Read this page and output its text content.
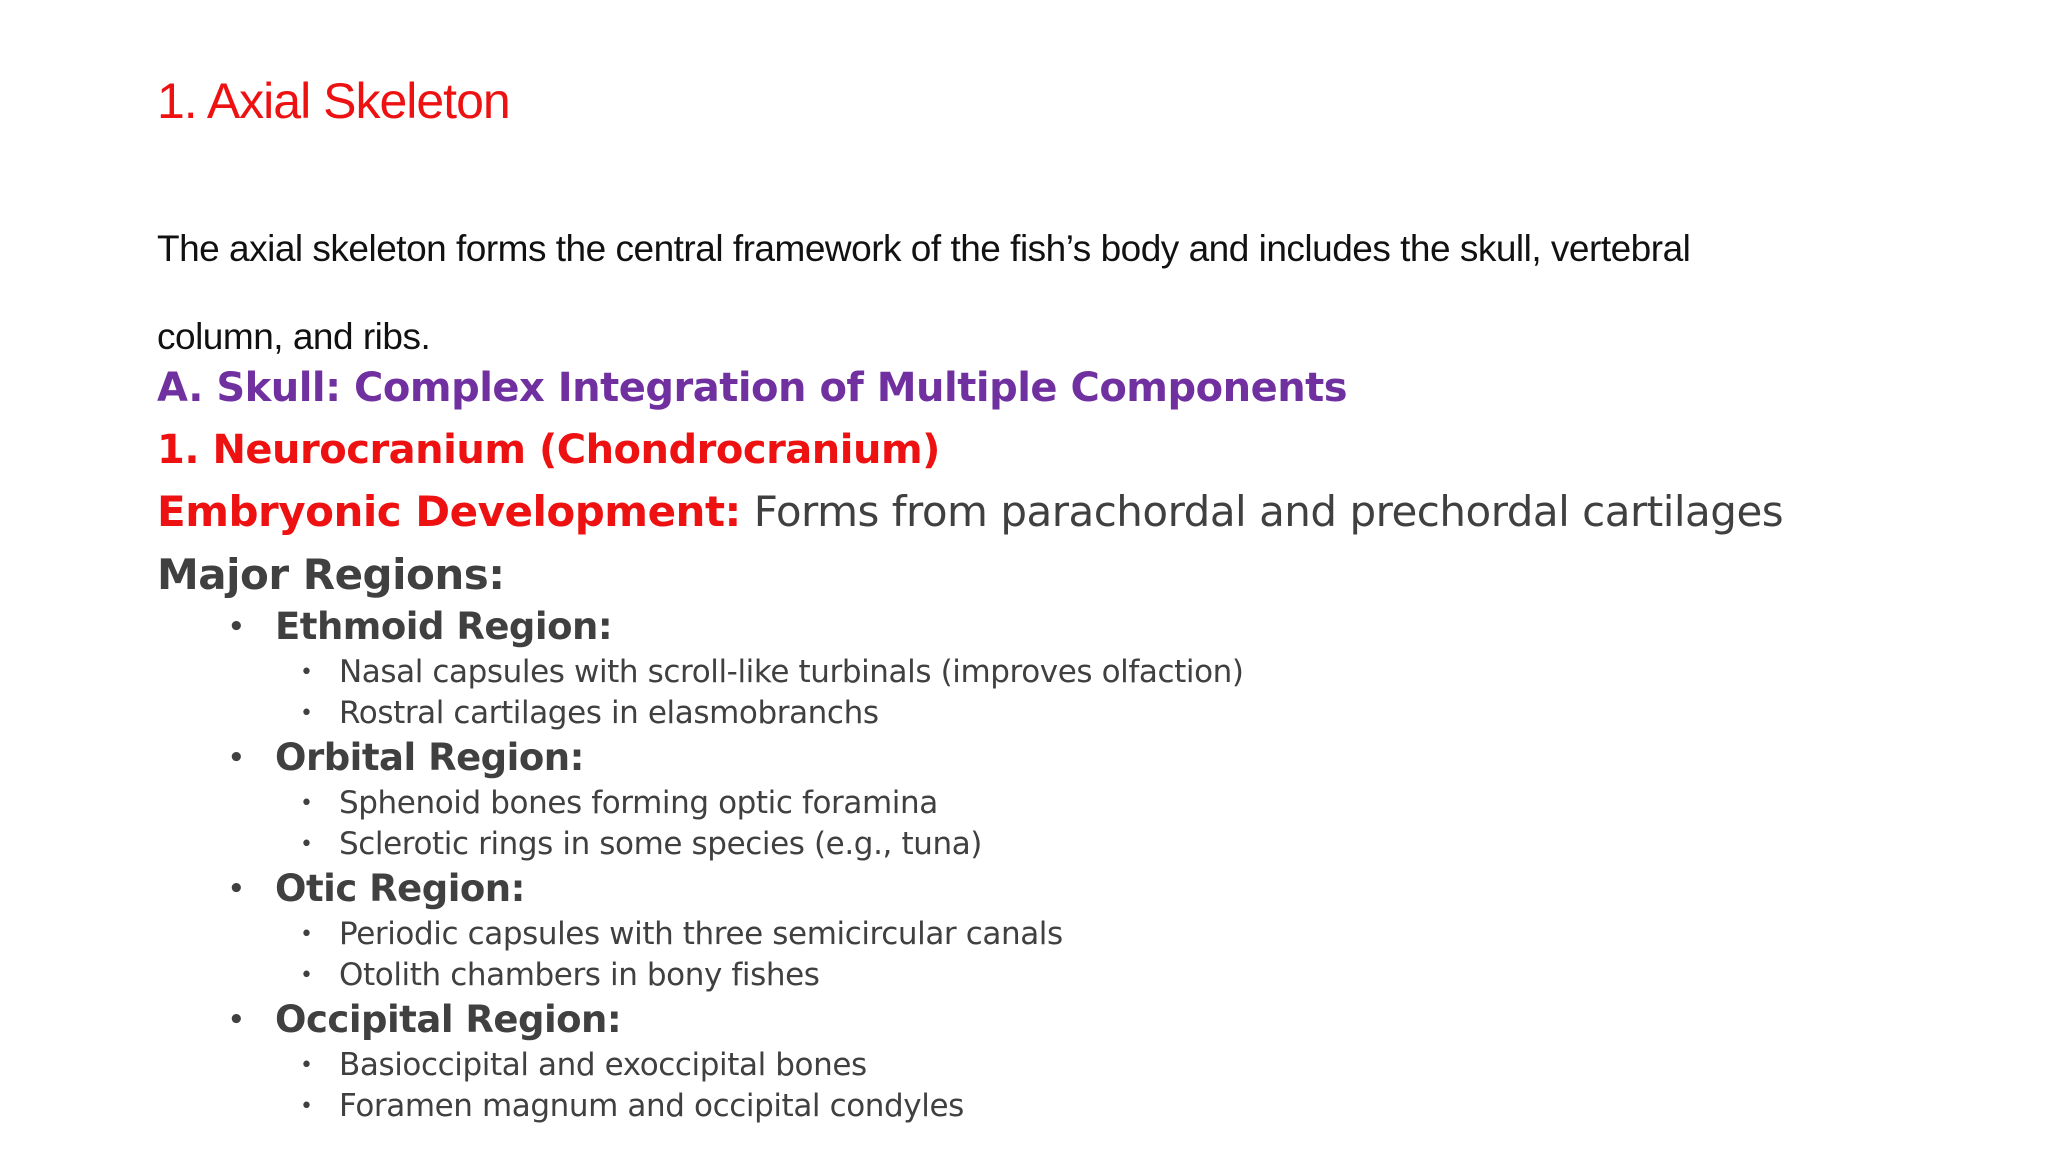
1. Axial Skeleton

The axial skeleton forms the central framework of the fish’s body and includes the skull, vertebral
column, and ribs.

A. Skull: Complex Integration of Multiple Components
1. Neurocranium (Chondrocranium)

Embryonic Development: Forms from parachordal and prechordal cartilages

Major Regions:

• Ethmoid Region:

• Nasal capsules with scroll-like turbinals (improves olfaction)

• Rostral cartilages in elasmobranchs

• Orbital Region:

• Sphenoid bones forming optic foramina

• Sclerotic rings in some species (e.g., tuna)

• Otic Region:

• Periodic capsules with three semicircular canals

• Otolith chambers in bony fishes

• Occipital Region:

• Basioccipital and exoccipital bones

• Foramen magnum and occipital condyles
